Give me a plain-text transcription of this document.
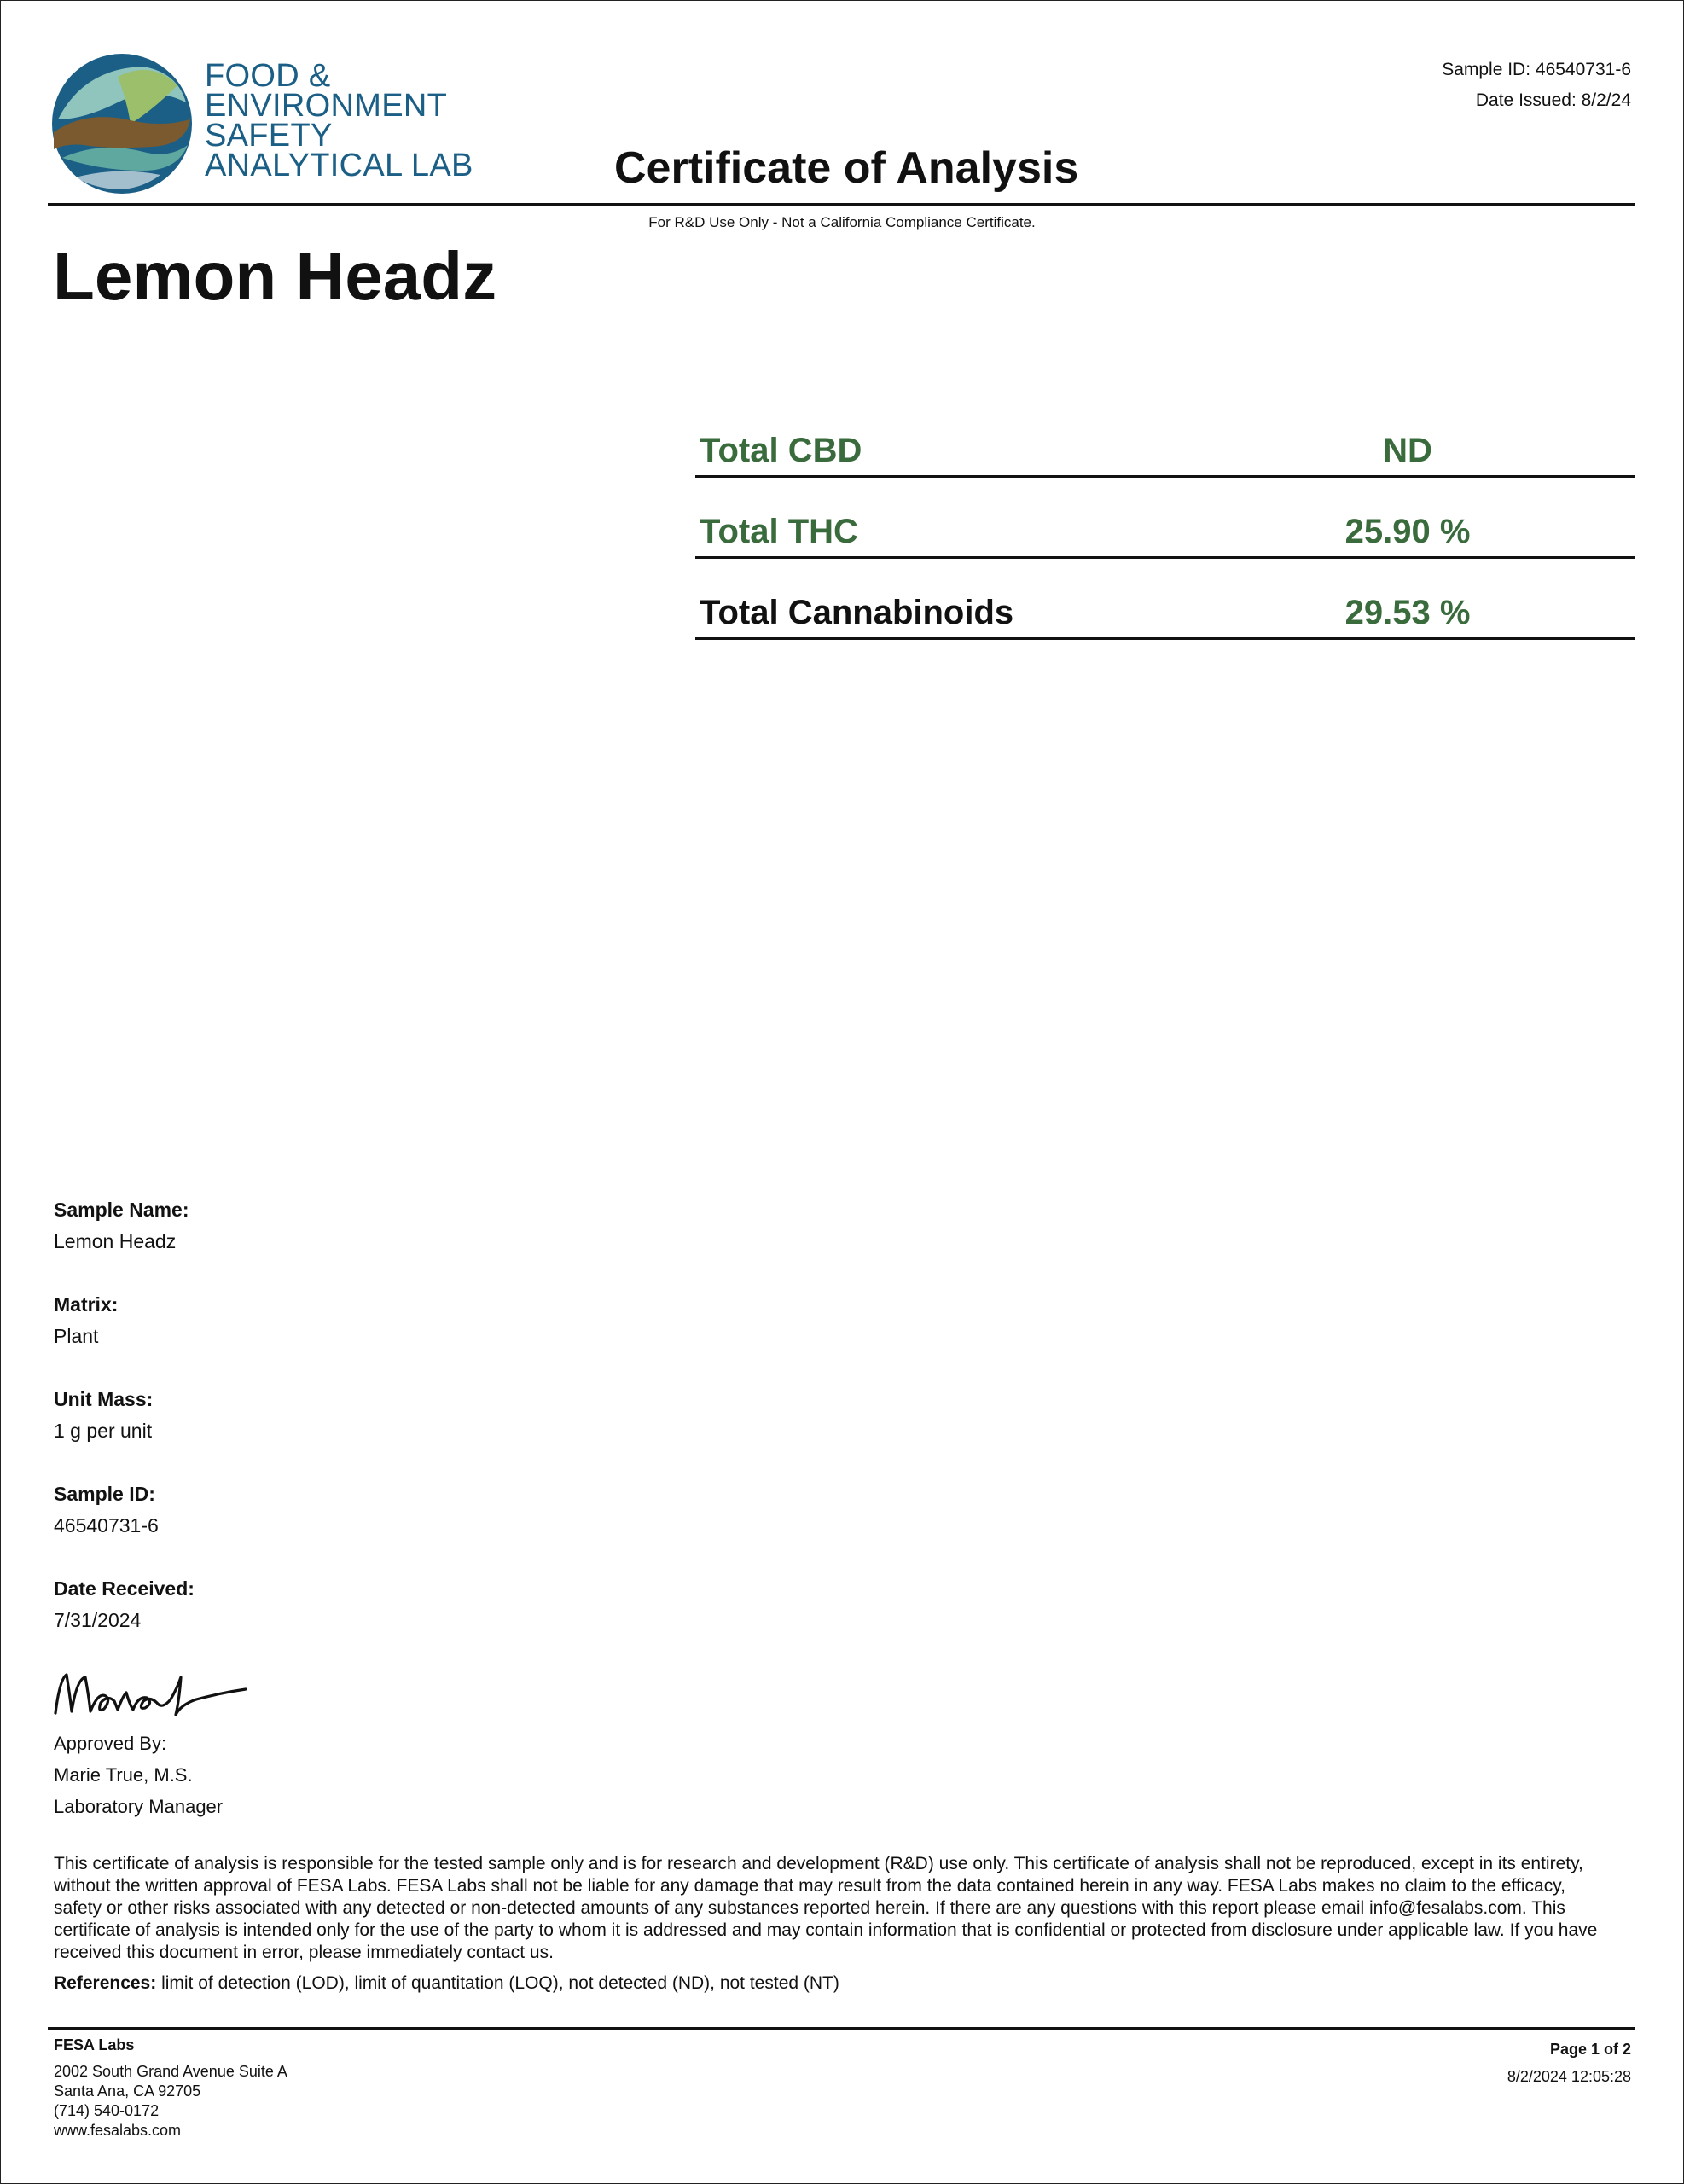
FOOD &
ENVIRONMENT
SAFETY
ANALYTICAL LAB
Sample ID: 46540731-6
Date Issued: 8/2/24
Certificate of Analysis
For R&D Use Only - Not a California Compliance Certificate.
Lemon Headz
Total CBD	ND
Total THC	25.90 %
Total Cannabinoids	29.53 %
Sample Name:
Lemon Headz
Matrix:
Plant
Unit Mass:
1 g per unit
Sample ID:
46540731-6
Date Received:
7/31/2024
Approved By:
Marie True, M.S.
Laboratory Manager
This certificate of analysis is responsible for the tested sample only and is for research and development (R&D) use only. This certificate of analysis shall not be reproduced, except in its entirety, without the written approval of FESA Labs. FESA Labs shall not be liable for any damage that may result from the data contained herein in any way. FESA Labs makes no claim to the efficacy, safety or other risks associated with any detected or non-detected amounts of any substances reported herein. If there are any questions with this report please email info@fesalabs.com. This certificate of analysis is intended only for the use of the party to whom it is addressed and may contain information that is confidential or protected from disclosure under applicable law. If you have received this document in error, please immediately contact us.
References: limit of detection (LOD), limit of quantitation (LOQ), not detected (ND), not tested (NT)
FESA Labs
2002 South Grand Avenue Suite A
Santa Ana, CA 92705
(714) 540-0172
www.fesalabs.com
Page 1 of 2
8/2/2024 12:05:28
